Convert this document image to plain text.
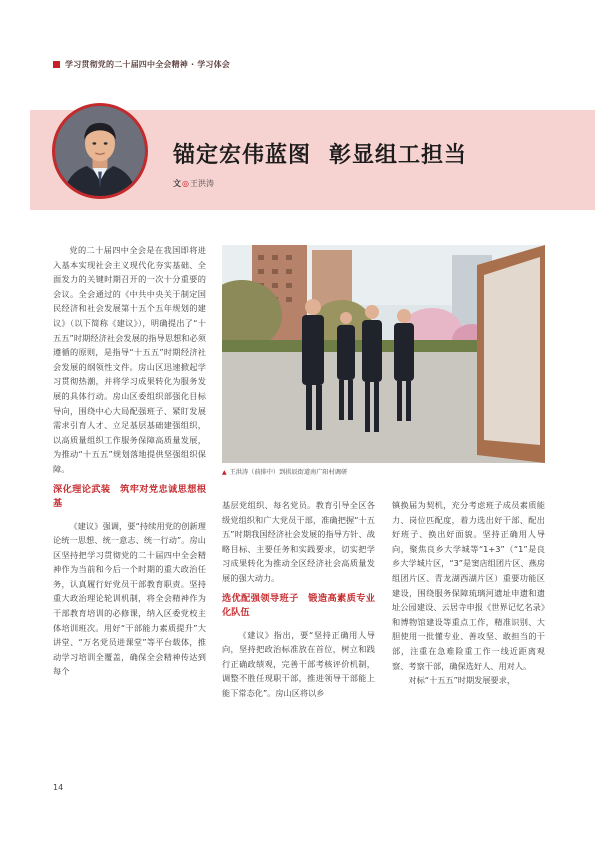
学习贯彻党的二十届四中全会精神 · 学习体会
锚定宏伟蓝图 彰显组工担当
文◎王洪涛

党的二十届四中全会是在我国即将进入基本实现社会主义现代化夯实基础、全面发力的关键时期召开的一次十分重要的会议。全会通过的《中共中央关于制定国民经济和社会发展第十五个五年规划的建议》（以下简称《建议》），明确提出了“十五五”时期经济社会发展的指导思想和必须遵循的原则，是指导“十五五”时期经济社会发展的纲领性文件。房山区迅速掀起学习贯彻热潮，并将学习成果转化为服务发展的具体行动。房山区委组织部强化目标导向，围绕中心大局配强班子、紧盯发展需求引育人才、立足基层基础建强组织，以高质量组织工作服务保障高质量发展，为推动“十五五”规划落地提供坚强组织保障。

深化理论武装　筑牢对党忠诚思想根基

《建议》强调，要“持续用党的创新理论统一思想、统一意志、统一行动”。房山区坚持把学习贯彻党的二十届四中全会精神作为当前和今后一个时期的重大政治任务，认真履行好党员干部教育职责。坚持重大政治理论轮训机制，将全会精神作为干部教育培训的必修课，纳入区委党校主体培训班次。用好“干部能力素质提升”大讲堂、“万名党员进课堂”等平台载体，推动学习培训全覆盖，确保全会精神传达到每个

▲ 王洪涛（前排中）到拱辰街道南广阳村调研

基层党组织、每名党员。教育引导全区各级党组织和广大党员干部，准确把握“十五五”时期我国经济社会发展的指导方针、战略目标、主要任务和实践要求，切实把学习成果转化为推动全区经济社会高质量发展的强大动力。

选优配强领导班子　锻造高素质专业化队伍

《建议》指出，要“坚持正确用人导向，坚持把政治标准放在首位，树立和践行正确政绩观，完善干部考核评价机制，调整不胜任现职干部，推进领导干部能上能下常态化”。房山区将以乡

镇换届为契机，充分考虑班子成员素质能力、岗位匹配度，着力选出好干部、配出好班子、换出好面貌。坚持正确用人导向，聚焦良乡大学城等“1+3”（“1”是良乡大学城片区，“3”是窦店组团片区、燕房组团片区、青龙湖西湖片区）重要功能区建设，围绕服务保障琉璃河遗址申遗和遗址公园建设、云居寺申报《世界记忆名录》和博物馆建设等重点工作，精准识别、大胆使用一批懂专业、善攻坚、敢担当的干部，注重在急难险重工作一线近距离观察、考察干部，确保选好人、用对人。

对标“十五五”时期发展要求，

14
